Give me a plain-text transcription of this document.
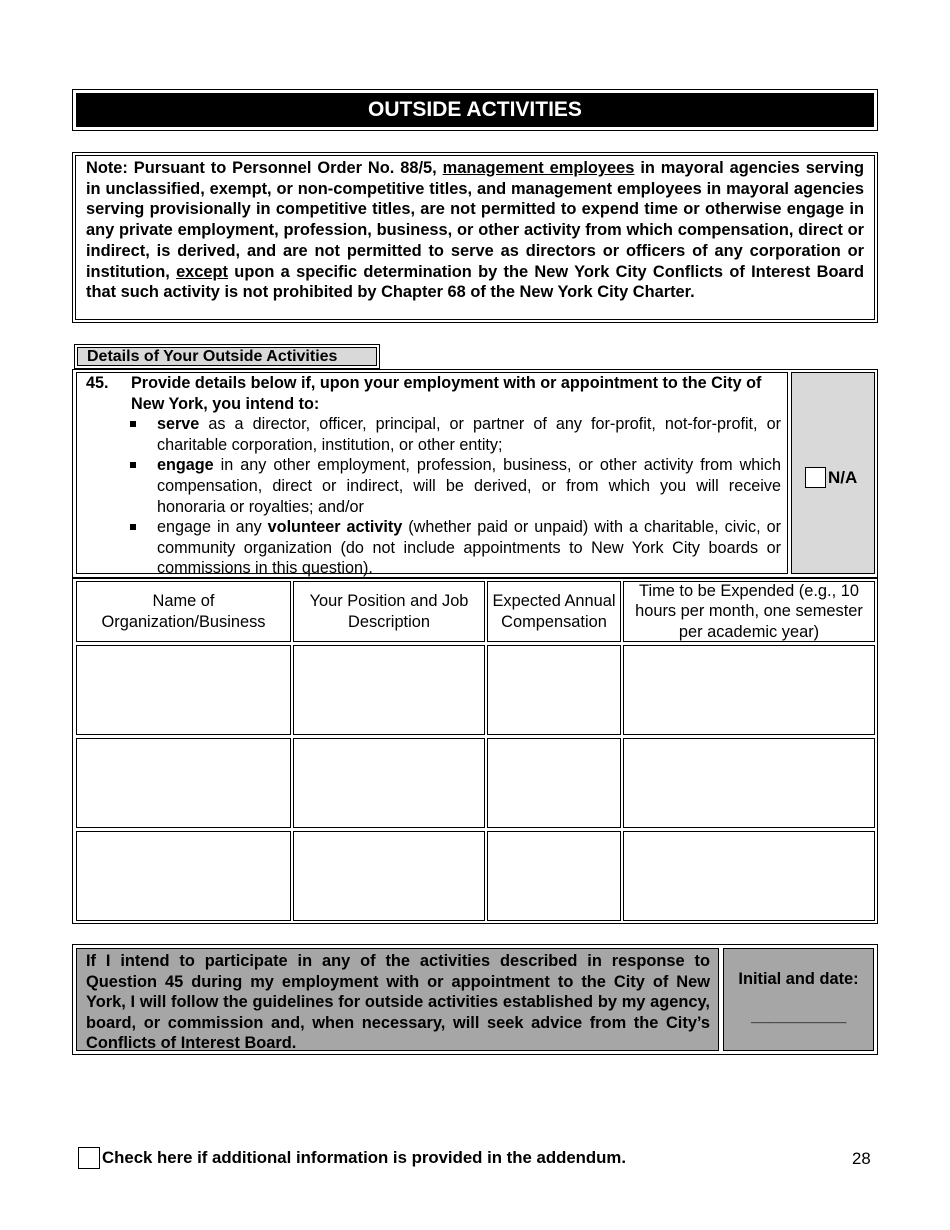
OUTSIDE ACTIVITIES
Note: Pursuant to Personnel Order No. 88/5, management employees in mayoral agencies serving in unclassified, exempt, or non-competitive titles, and management employees in mayoral agencies serving provisionally in competitive titles, are not permitted to expend time or otherwise engage in any private employment, profession, business, or other activity from which compensation, direct or indirect, is derived, and are not permitted to serve as directors or officers of any corporation or institution, except upon a specific determination by the New York City Conflicts of Interest Board that such activity is not prohibited by Chapter 68 of the New York City Charter.
Details of Your Outside Activities
45.	Provide details below if, upon your employment with or appointment to the City of New York, you intend to:
serve as a director, officer, principal, or partner of any for-profit, not-for-profit, or charitable corporation, institution, or other entity;
engage in any other employment, profession, business, or other activity from which compensation, direct or indirect, will be derived, or from which you will receive honoraria or royalties; and/or
engage in any volunteer activity (whether paid or unpaid) with a charitable, civic, or community organization (do not include appointments to New York City boards or commissions in this question).
N/A
Name of Organization/Business
Your Position and Job Description
Expected Annual Compensation
Time to be Expended (e.g., 10 hours per month, one semester per academic year)
If I intend to participate in any of the activities described in response to Question 45 during my employment with or appointment to the City of New York, I will follow the guidelines for outside activities established by my agency, board, or commission and, when necessary, will seek advice from the City’s Conflicts of Interest Board.
Initial and date:
___________
Check here if additional information is provided in the addendum.	28
